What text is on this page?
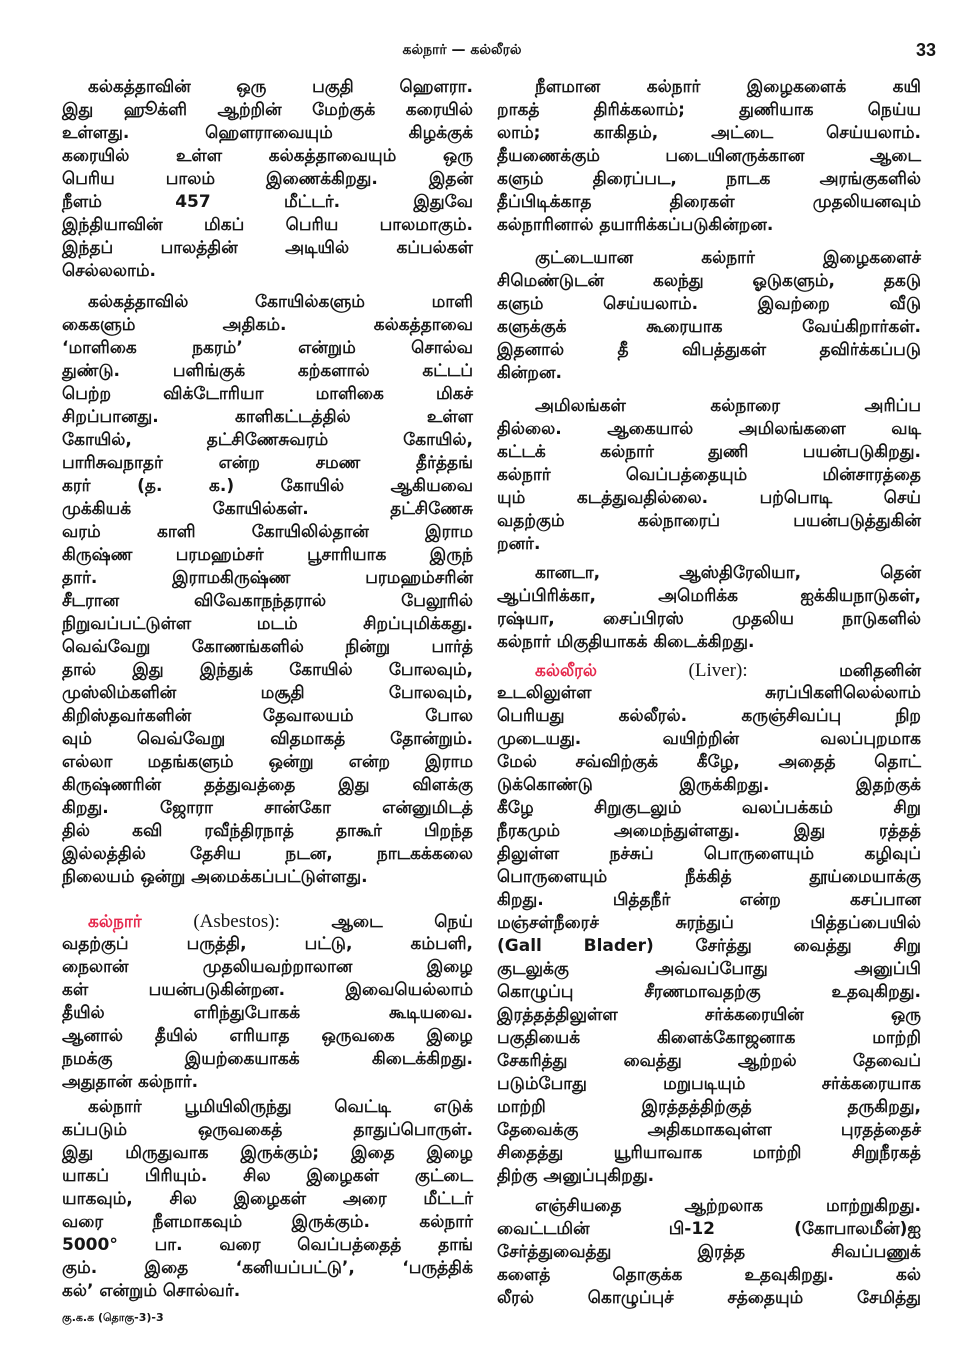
கல்நார் — கல்லீரல்	33
கல்கத்தாவின் ஒரு பகுதி ஹௌரா.
இது ஹூக்ளி ஆற்றின் மேற்குக் கரையில்
உள்ளது. ஹௌராவையும் கிழக்குக்
கரையில் உள்ள கல்கத்தாவையும் ஒரு
பெரிய பாலம் இணைக்கிறது. இதன்
நீளம் 457 மீட்டர். இதுவே
இந்தியாவின் மிகப் பெரிய பாலமாகும்.
இந்தப் பாலத்தின் அடியில் கப்பல்கள்
செல்லலாம்.
கல்கத்தாவில் கோயில்களும் மாளி
கைகளும் அதிகம். கல்கத்தாவை
‘மாளிகை நகரம்’ என்றும் சொல்வ
துண்டு. பளிங்குக் கற்களால் கட்டப்
பெற்ற விக்டோரியா மாளிகை மிகச்
சிறப்பானது. காளிகட்டத்தில் உள்ள
கோயில், தட்சிணேசுவரம் கோயில்,
பாரிசுவநாதர் என்ற சமண தீர்த்தங்
கரர் (த. க.) கோயில் ஆகியவை
முக்கியக் கோயில்கள். தட்சிணேசு
வரம் காளி கோயிலில்தான் இராம
கிருஷ்ண பரமஹம்சர் பூசாரியாக இருந்
தார். இராமகிருஷ்ண பரமஹம்சரின்
சீடரான விவேகாநந்தரால் பேலூரில்
நிறுவப்பட்டுள்ள மடம் சிறப்புமிக்கது.
வெவ்வேறு கோணங்களில் நின்று பார்த்
தால் இது இந்துக் கோயில் போலவும்,
முஸ்லிம்களின் மசூதி போலவும்,
கிறிஸ்தவர்களின் தேவாலயம் போல
வும் வெவ்வேறு விதமாகத் தோன்றும்.
எல்லா மதங்களும் ஒன்று என்ற இராம
கிருஷ்ணரின் தத்துவத்தை இது விளக்கு
கிறது. ஜோரா சான்கோ என்னுமிடத்
தில் கவி ரவீந்திரநாத் தாகூர் பிறந்த
இல்லத்தில் தேசிய நடன, நாடகக்கலை
நிலையம் ஒன்று அமைக்கப்பட்டுள்ளது.
கல்நார்	(Asbestos):	ஆடை நெய்
வதற்குப் பருத்தி, பட்டு, கம்பளி,
நைலான் முதலியவற்றாலான இழை
கள் பயன்படுகின்றன. இவையெல்லாம்
தீயில் எரிந்துபோகக் கூடியவை.
ஆனால் தீயில் எரியாத ஒருவகை இழை
நமக்கு இயற்கையாகக் கிடைக்கிறது.
அதுதான் கல்நார்.
கல்நார் பூமியிலிருந்து வெட்டி எடுக்
கப்படும் ஒருவகைத் தாதுப்பொருள்.
இது மிருதுவாக இருக்கும்; இதை இழை
யாகப் பிரியும். சில இழைகள் குட்டை
யாகவும், சில இழைகள் அரை மீட்டர்
வரை நீளமாகவும் இருக்கும். கல்நார்
5000° பா. வரை வெப்பத்தைத் தாங்
கும். இதை ‘கனியப்பட்டு’, ‘பருத்திக்
கல்’ என்றும் சொல்வர்.
நீளமான கல்நார் இழைகளைக் கயி
றாகத் திரிக்கலாம்; துணியாக நெய்ய
லாம்; காகிதம், அட்டை செய்யலாம்.
தீயணைக்கும் படையினருக்கான ஆடை
களும் திரைப்பட, நாடக அரங்குகளில்
தீப்பிடிக்காத திரைகள் முதலியனவும்
கல்நாரினால் தயாரிக்கப்படுகின்றன.
குட்டையான கல்நார் இழைகளைச்
சிமெண்டுடன் கலந்து ஓடுகளும், தகடு
களும் செய்யலாம். இவற்றை வீடு
களுக்குக் கூரையாக வேய்கிறார்கள்.
இதனால் தீ விபத்துகள் தவிர்க்கப்படு
கின்றன.
அமிலங்கள் கல்நாரை அரிப்ப
தில்லை. ஆகையால் அமிலங்களை வடி
கட்டக் கல்நார் துணி பயன்படுகிறது.
கல்நார் வெப்பத்தையும் மின்சாரத்தை
யும் கடத்துவதில்லை. பற்பொடி செய்
வதற்கும் கல்நாரைப் பயன்படுத்துகின்
றனர்.
கானடா, ஆஸ்திரேலியா, தென்
ஆப்பிரிக்கா, அமெரிக்க ஐக்கியநாடுகள்,
ரஷ்யா, சைப்பிரஸ் முதலிய நாடுகளில்
கல்நார் மிகுதியாகக் கிடைக்கிறது.
கல்லீரல்	(Liver):	மனிதனின்
உடலிலுள்ள சுரப்பிகளிலெல்லாம்
பெரியது கல்லீரல். கருஞ்சிவப்பு நிற
முடையது. வயிற்றின் வலப்புறமாக
மேல் சவ்விற்குக் கீழே, அதைத் தொட்
டுக்கொண்டு இருக்கிறது. இதற்குக்
கீழே சிறுகுடலும் வலப்பக்கம் சிறு
நீரகமும் அமைந்துள்ளது. இது ரத்தத்
திலுள்ள நச்சுப் பொருளையும் கழிவுப்
பொருளையும் நீக்கித் தூய்மையாக்கு
கிறது. பித்தநீர் என்ற கசப்பான
மஞ்சள்நீரைச் சுரந்துப் பித்தப்பையில்
(Gall Blader) சேர்த்து வைத்து சிறு
குடலுக்கு அவ்வப்போது அனுப்பி
கொழுப்பு சீரணமாவதற்கு உதவுகிறது.
இரத்தத்திலுள்ள சர்க்கரையின் ஒரு
பகுதியைக் கிளைக்கோஜனாக மாற்றி
சேகரித்து வைத்து ஆற்றல் தேவைப்
படும்போது மறுபடியும் சர்க்கரையாக
மாற்றி இரத்தத்திற்குத் தருகிறது,
தேவைக்கு அதிகமாகவுள்ள புரதத்தைச்
சிதைத்து யூரியாவாக மாற்றி சிறுநீரகத்
திற்கு அனுப்புகிறது.
எஞ்சியதை ஆற்றலாக மாற்றுகிறது.
வைட்டமின் பி-12 (கோபாலமீன்)ஐ
சேர்த்துவைத்து இரத்த சிவப்பணுக்
களைத் தொகுக்க உதவுகிறது. கல்
லீரல் கொழுப்புச் சத்தையும் சேமித்து
கு.க.க (தொகு-3)-3
